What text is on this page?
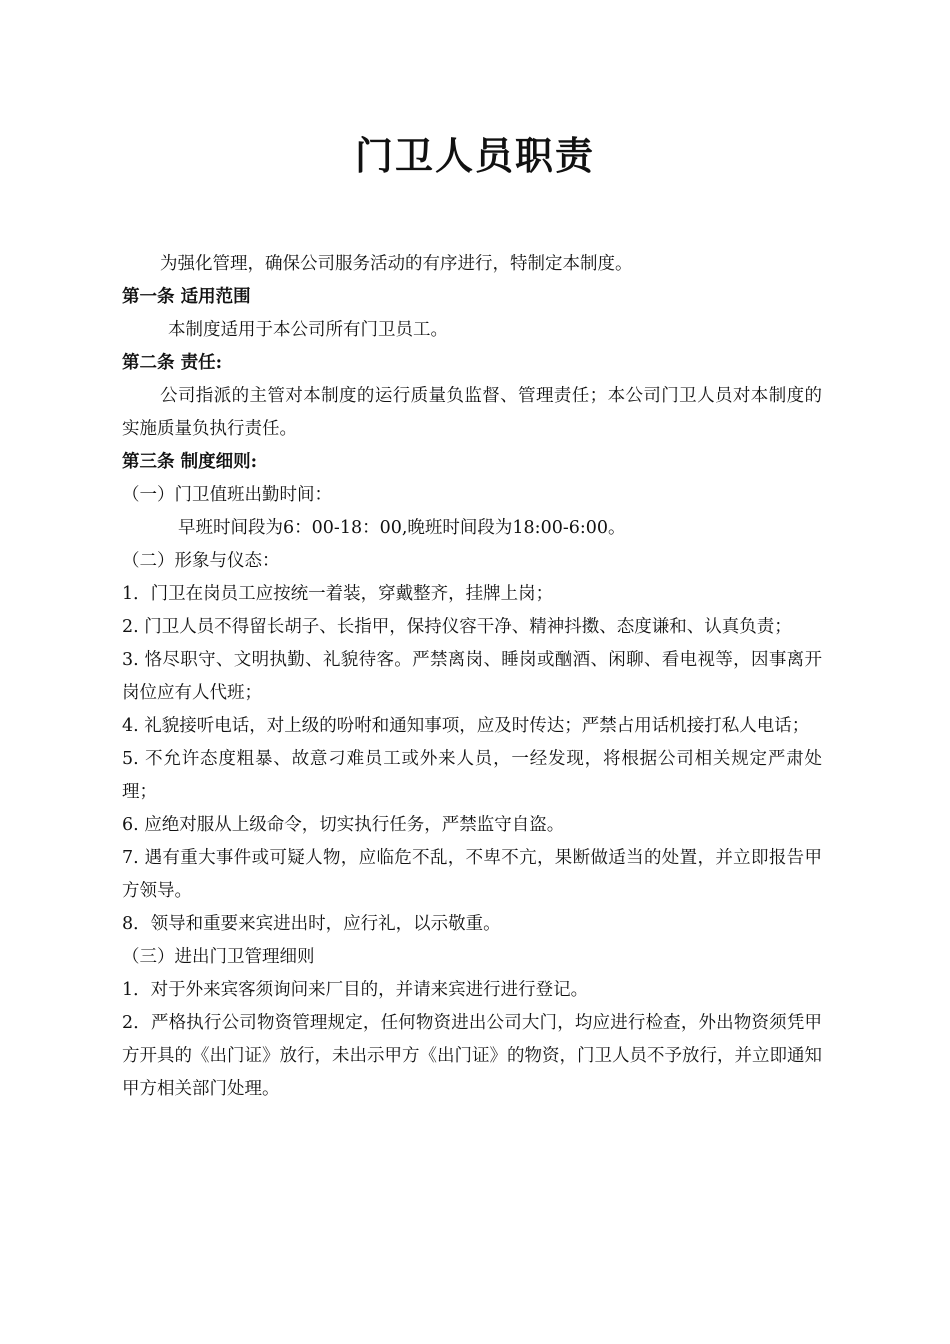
门卫人员职责

为强化管理，确保公司服务活动的有序进行，特制定本制度。

第一条 适用范围

本制度适用于本公司所有门卫员工。

第二条 责任:

公司指派的主管对本制度的运行质量负监督、管理责任；本公司门卫人员对本制度的实施质量负执行责任。

第三条 制度细则:

（一）门卫值班出勤时间：

早班时间段为6：00-18：00,晚班时间段为18:00-6:00。

（二）形象与仪态：

1．门卫在岗员工应按统一着装，穿戴整齐，挂牌上岗；

2. 门卫人员不得留长胡子、长指甲，保持仪容干净、精神抖擞、态度谦和、认真负责；

3. 恪尽职守、文明执勤、礼貌待客。严禁离岗、睡岗或酗酒、闲聊、看电视等，因事离开岗位应有人代班；

4. 礼貌接听电话，对上级的吩咐和通知事项，应及时传达；严禁占用话机接打私人电话；

5. 不允许态度粗暴、故意刁难员工或外来人员，一经发现，将根据公司相关规定严肃处理；

6. 应绝对服从上级命令，切实执行任务，严禁监守自盗。

7. 遇有重大事件或可疑人物，应临危不乱，不卑不亢，果断做适当的处置，并立即报告甲方领导。

8．领导和重要来宾进出时，应行礼，以示敬重。

（三）进出门卫管理细则

1．对于外来宾客须询问来厂目的，并请来宾进行进行登记。

2．严格执行公司物资管理规定，任何物资进出公司大门，均应进行检查，外出物资须凭甲方开具的《出门证》放行，未出示甲方《出门证》的物资，门卫人员不予放行，并立即通知甲方相关部门处理。
